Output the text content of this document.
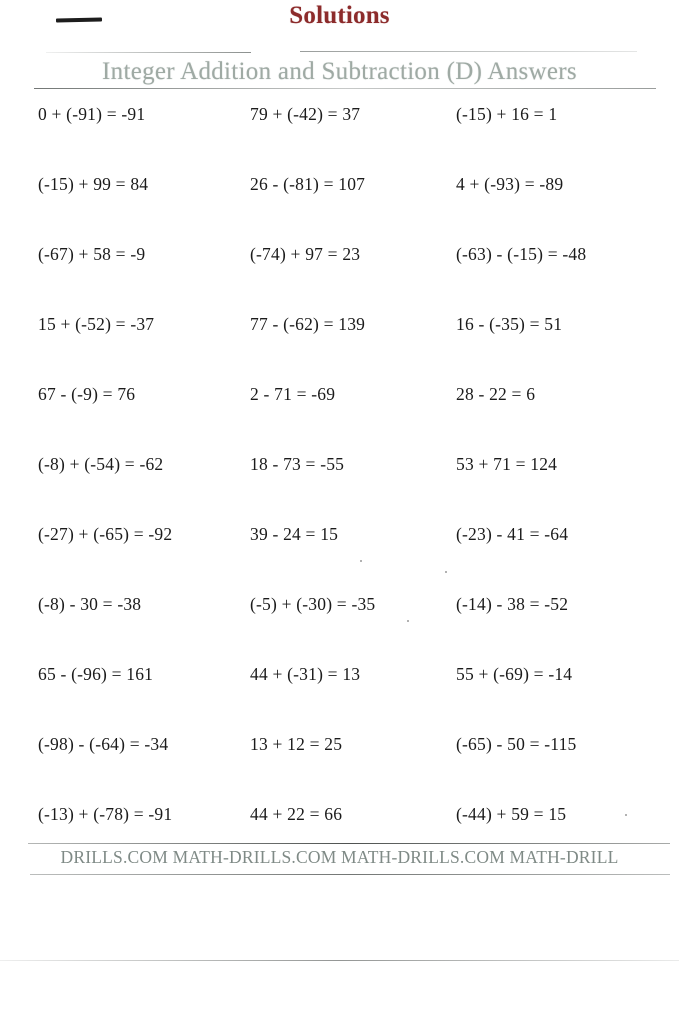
Solutions
Integer Addition and Subtraction (D) Answers
0 + (-91) = -91	79 + (-42) = 37	(-15) + 16 = 1
(-15) + 99 = 84	26 - (-81) = 107	4 + (-93) = -89
(-67) + 58 = -9	(-74) + 97 = 23	(-63) - (-15) = -48
15 + (-52) = -37	77 - (-62) = 139	16 - (-35) = 51
67 - (-9) = 76	2 - 71 = -69	28 - 22 = 6
(-8) + (-54) = -62	18 - 73 = -55	53 + 71 = 124
(-27) + (-65) = -92	39 - 24 = 15	(-23) - 41 = -64
(-8) - 30 = -38	(-5) + (-30) = -35	(-14) - 38 = -52
65 - (-96) = 161	44 + (-31) = 13	55 + (-69) = -14
(-98) - (-64) = -34	13 + 12 = 25	(-65) - 50 = -115
(-13) + (-78) = -91	44 + 22 = 66	(-44) + 59 = 15
DRILLS.COM MATH-DRILLS.COM MATH-DRILLS.COM MATH-DRILL
